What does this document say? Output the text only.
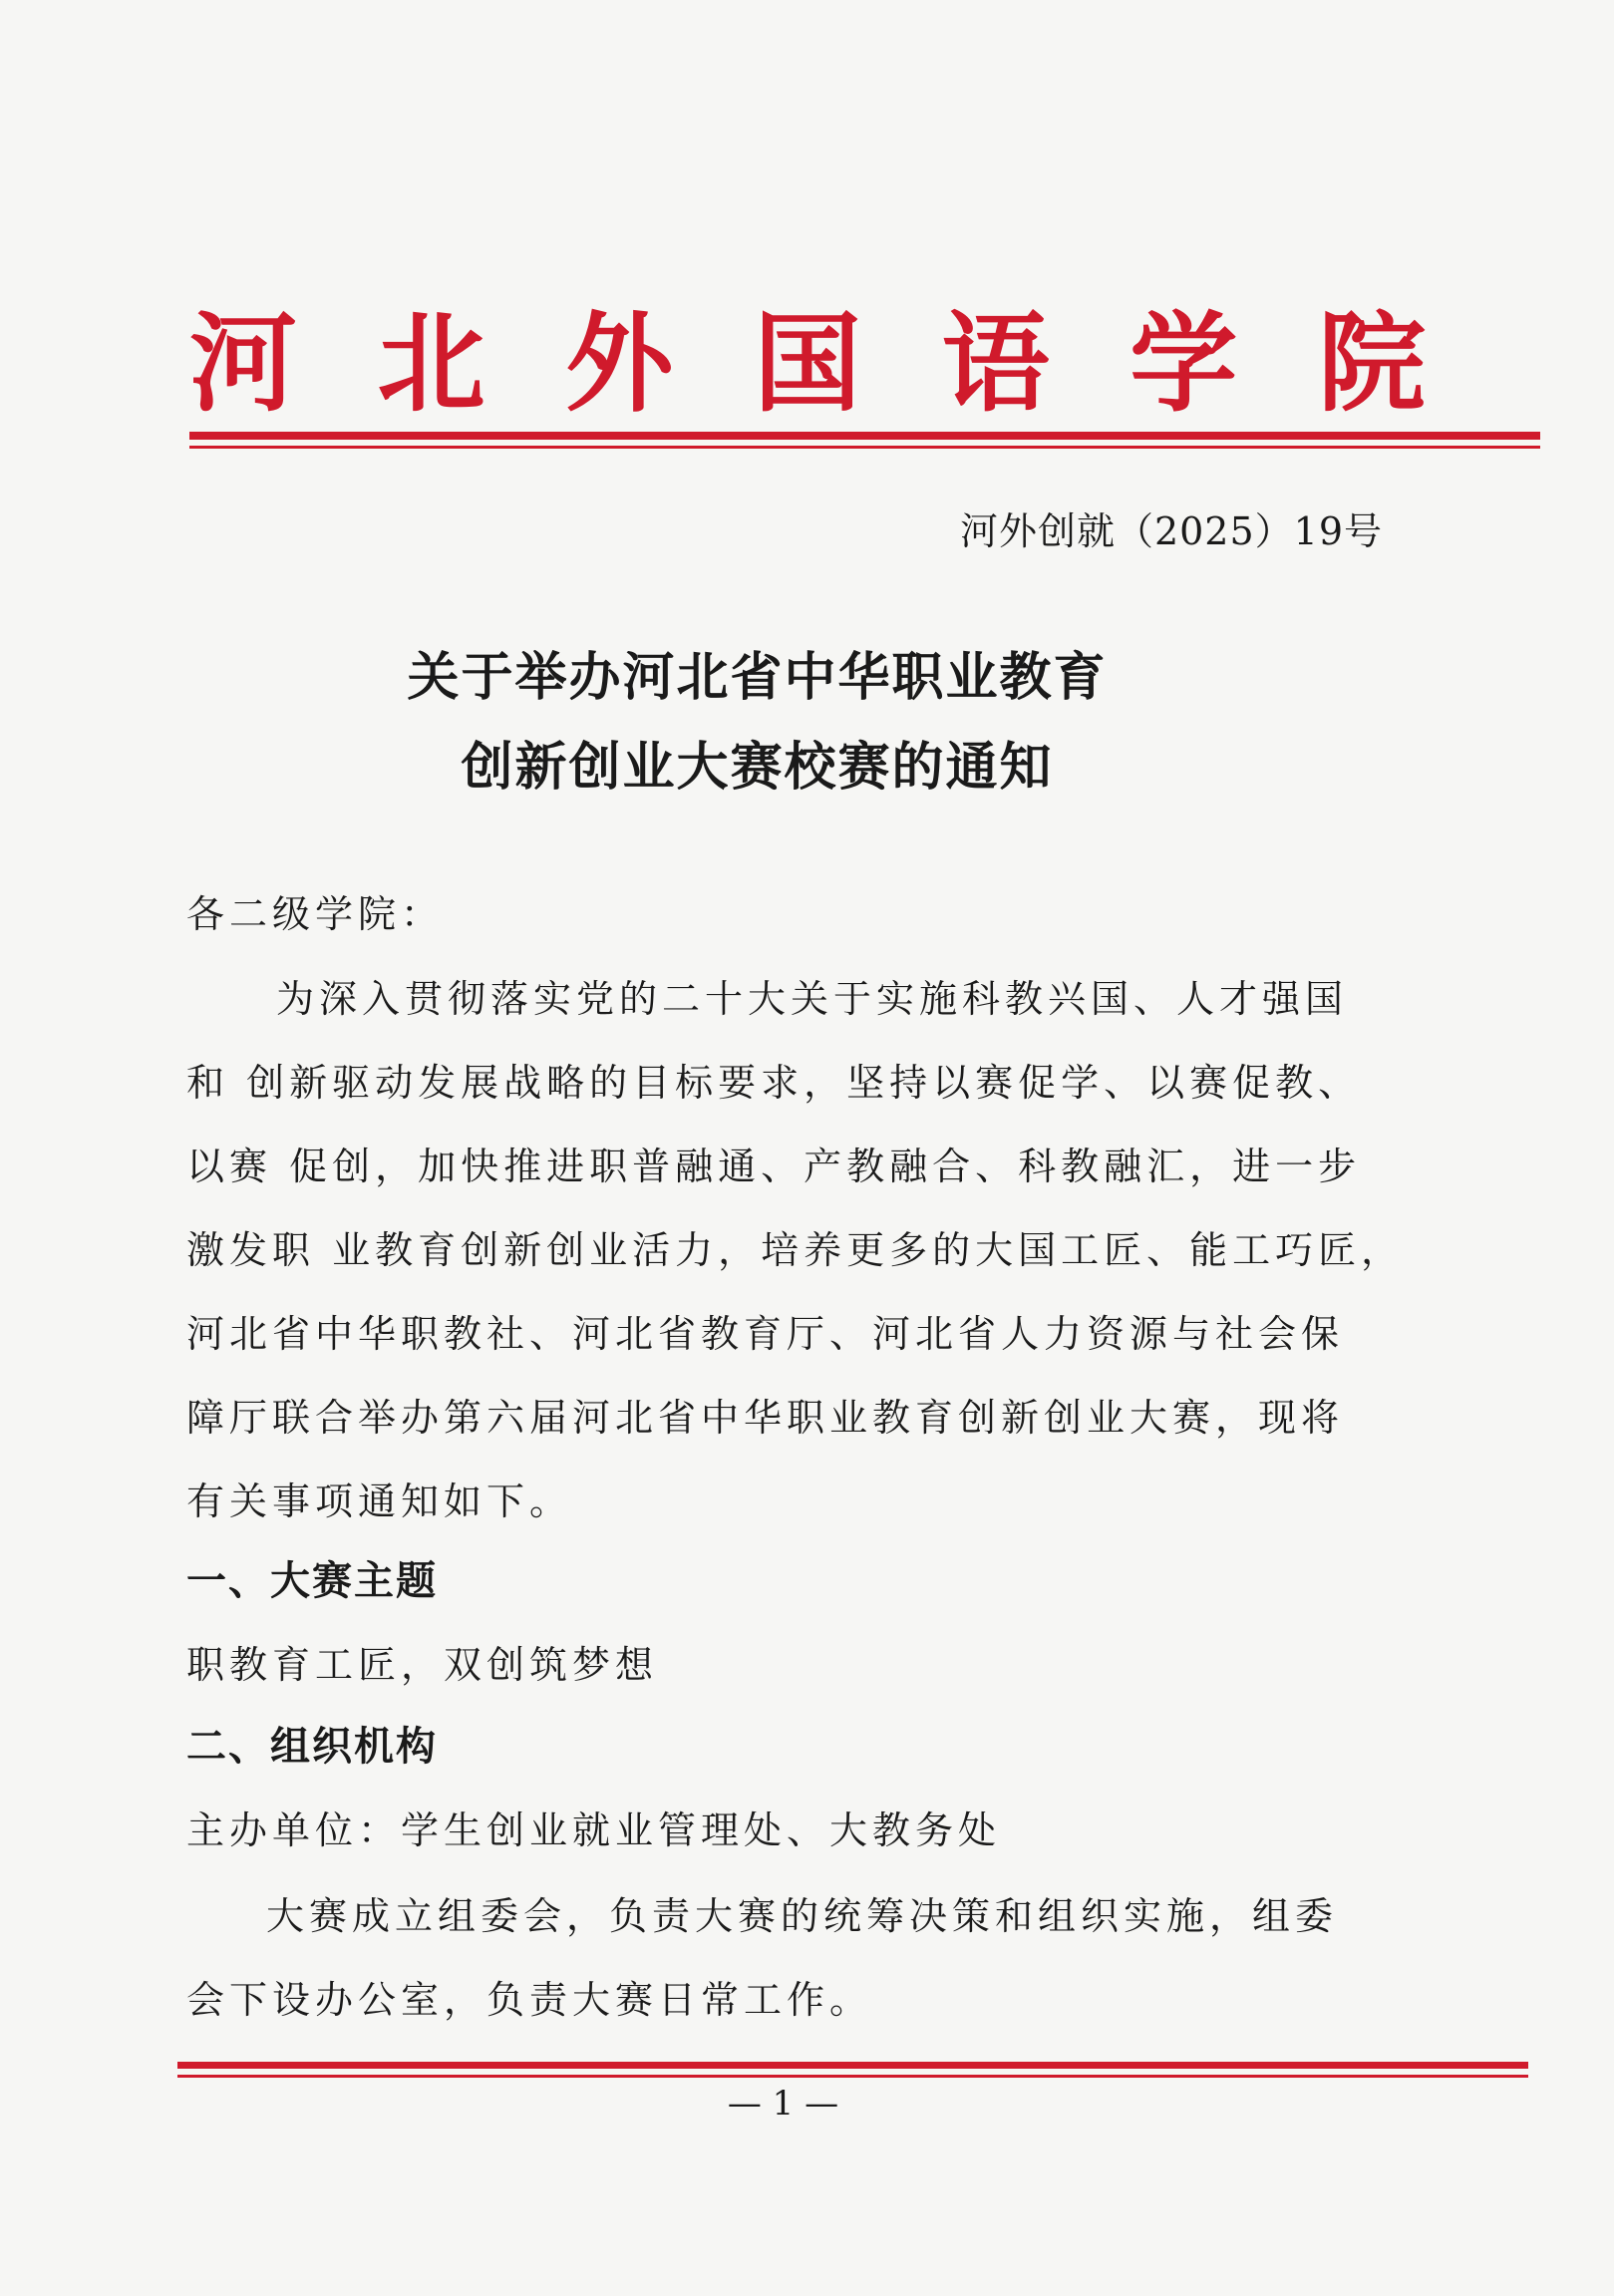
河 北 外 国 语 学 院
河外创就（2025）19号
关于举办河北省中华职业教育
创新创业大赛校赛的通知
各二级学院：

为深入贯彻落实党的二十大关于实施科教兴国、人才强国

和 创新驱动发展战略的目标要求，坚持以赛促学、以赛促教、

以赛 促创，加快推进职普融通、产教融合、科教融汇，进一步

激发职 业教育创新创业活力，培养更多的大国工匠、能工巧匠，

河北省中华职教社、河北省教育厅、河北省人力资源与社会保

障厅联合举办第六届河北省中华职业教育创新创业大赛，现将

有关事项通知如下。

一、大赛主题
职教育工匠，双创筑梦想
二、组织机构
主办单位：学生创业就业管理处、大教务处
大赛成立组委会，负责大赛的统筹决策和组织实施，组委
会下设办公室，负责大赛日常工作。
— 1 —
